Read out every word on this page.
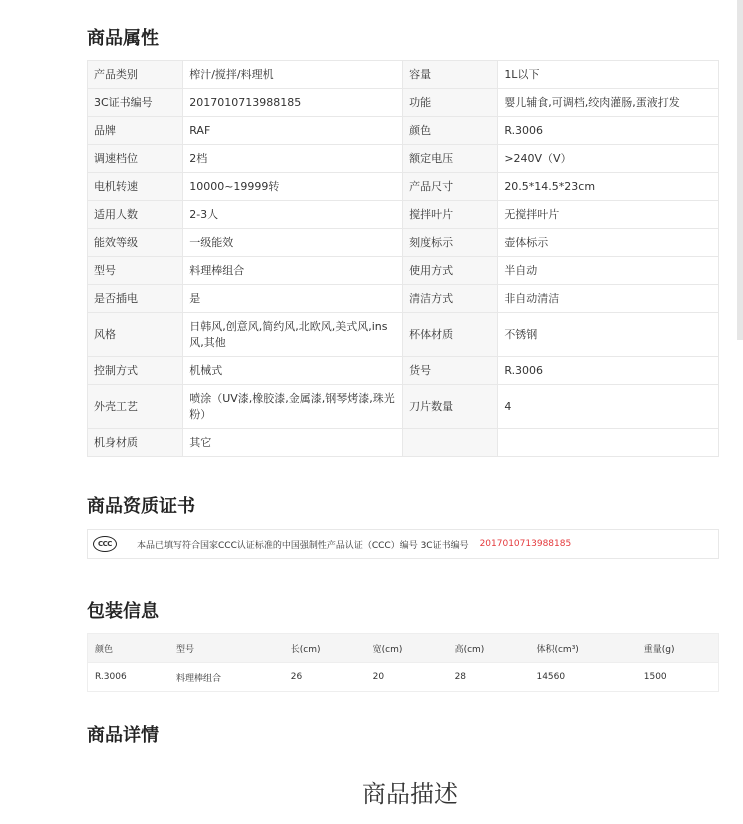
商品属性
产品类别	榨汁/搅拌/料理机	容量	1L以下
3C证书编号	2017010713988185	功能	婴儿辅食,可调档,绞肉灌肠,蛋液打发
品牌	RAF	颜色	R.3006
调速档位	2档	额定电压	>240V（V）
电机转速	10000~19999转	产品尺寸	20.5*14.5*23cm
适用人数	2-3人	搅拌叶片	无搅拌叶片
能效等级	一级能效	刻度标示	壶体标示
型号	料理棒组合	使用方式	半自动
是否插电	是	清洁方式	非自动清洁
风格	日韩风,创意风,简约风,北欧风,美式风,ins风,其他	杯体材质	不锈钢
控制方式	机械式	货号	R.3006
外壳工艺	喷涂（UV漆,橡胶漆,金属漆,钢琴烤漆,珠光粉）	刀片数量	4
机身材质	其它		
商品资质证书
CCC	本品已填写符合国家CCC认证标准的中国强制性产品认证（CCC）编号 3C证书编号 2017010713988185
包装信息
颜色	型号	长(cm)	宽(cm)	高(cm)	体积(cm³)	重量(g)
R.3006	料理棒组合	26	20	28	14560	1500
商品详情
商品描述
